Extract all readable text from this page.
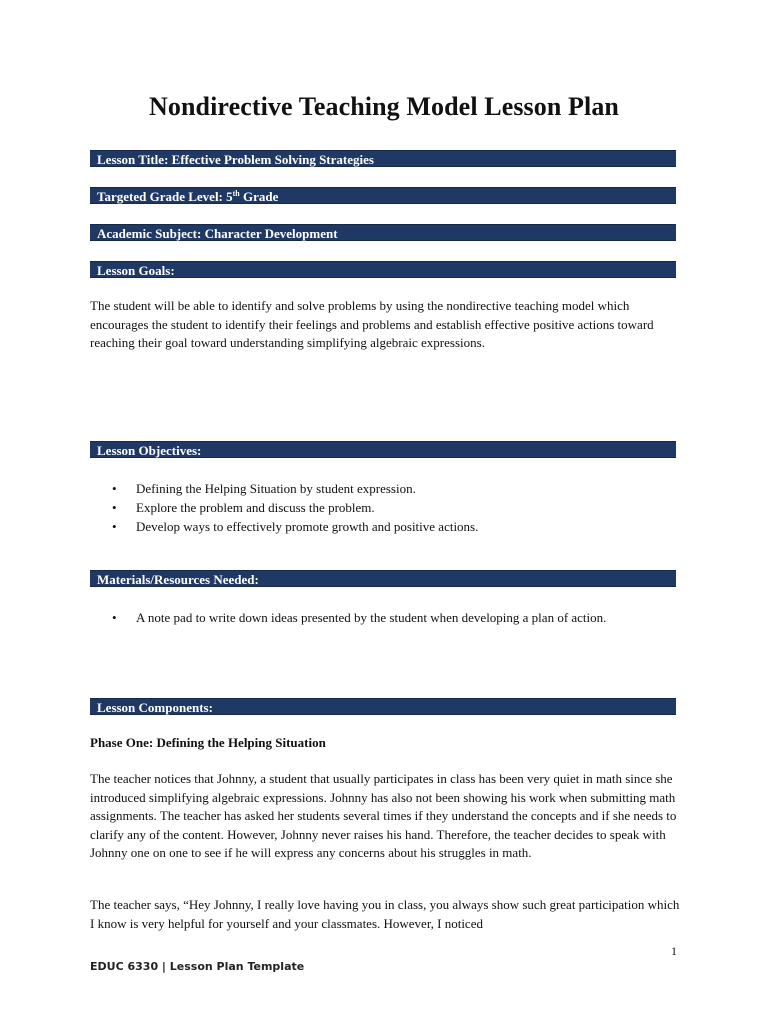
Nondirective Teaching Model Lesson Plan
Lesson Title: Effective Problem Solving Strategies
Targeted Grade Level: 5th Grade
Academic Subject: Character Development
Lesson Goals:
The student will be able to identify and solve problems by using the nondirective teaching model which encourages the student to identify their feelings and problems and establish effective positive actions toward reaching their goal toward understanding simplifying algebraic expressions.
Lesson Objectives:
• Defining the Helping Situation by student expression.
• Explore the problem and discuss the problem.
• Develop ways to effectively promote growth and positive actions.
Materials/Resources Needed:
• A note pad to write down ideas presented by the student when developing a plan of action.
Lesson Components:
Phase One: Defining the Helping Situation
The teacher notices that Johnny, a student that usually participates in class has been very quiet in math since she introduced simplifying algebraic expressions. Johnny has also not been showing his work when submitting math assignments. The teacher has asked her students several times if they understand the concepts and if she needs to clarify any of the content. However, Johnny never raises his hand. Therefore, the teacher decides to speak with Johnny one on one to see if he will express any concerns about his struggles in math.
The teacher says, “Hey Johnny, I really love having you in class, you always show such great participation which I know is very helpful for yourself and your classmates. However, I noticed
1
EDUC 6330 | Lesson Plan Template
